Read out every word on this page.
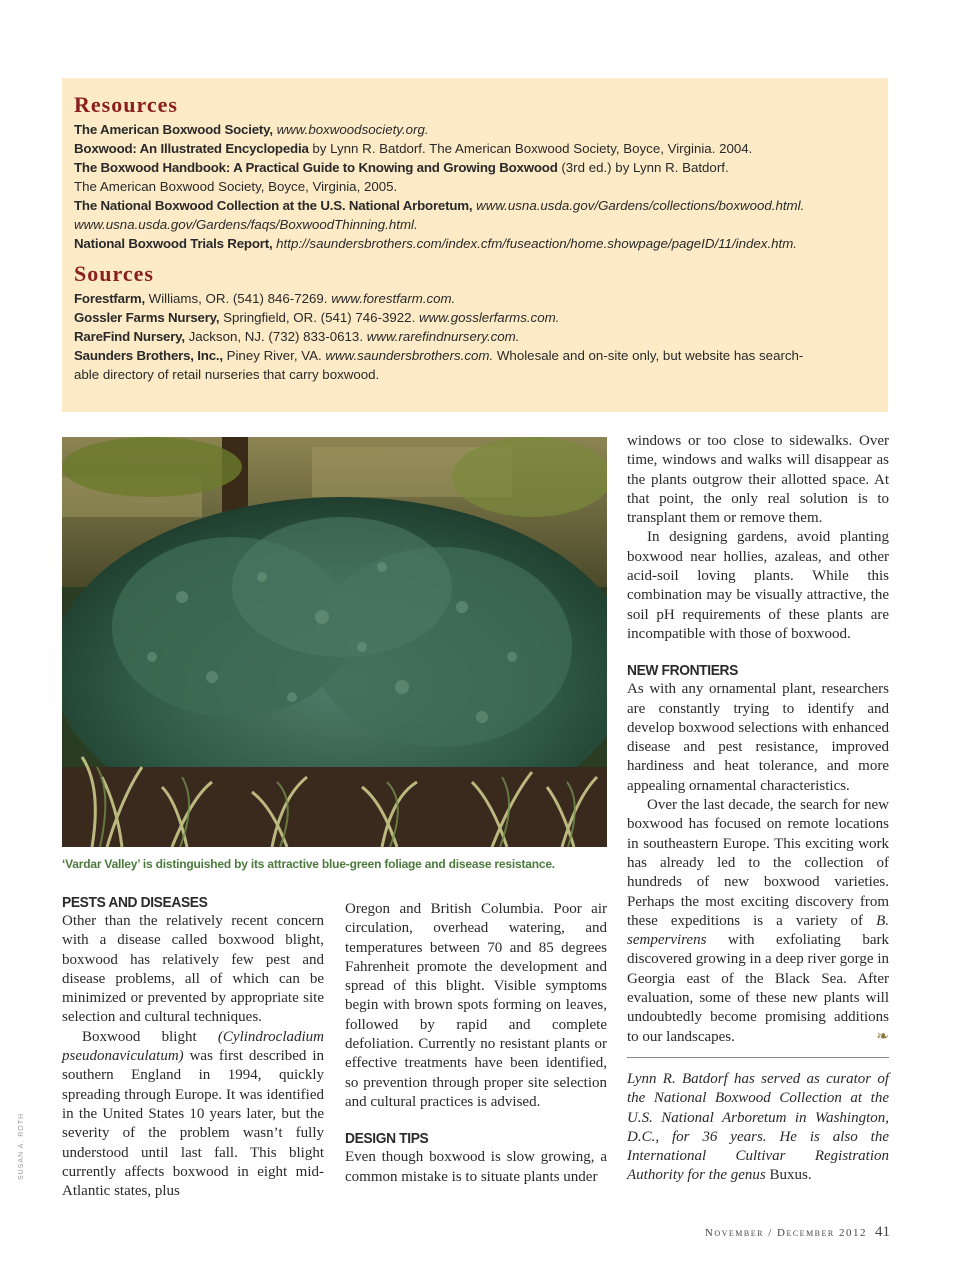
Resources

The American Boxwood Society, www.boxwoodsociety.org.

Boxwood: An Illustrated Encyclopedia by Lynn R. Batdorf. The American Boxwood Society, Boyce, Virginia. 2004.

The Boxwood Handbook: A Practical Guide to Knowing and Growing Boxwood (3rd ed.) by Lynn R. Batdorf.

The American Boxwood Society, Boyce, Virginia, 2005.

The National Boxwood Collection at the U.S. National Arboretum, www.usna.usda.gov/Gardens/collections/boxwood.html.

www.usna.usda.gov/Gardens/faqs/BoxwoodThinning.html.

National Boxwood Trials Report, http://saundersbrothers.com/index.cfm/fuseaction/home.showpage/pageID/11/index.htm.

Sources

Forestfarm, Williams, OR. (541) 846-7269. www.forestfarm.com.

Gossler Farms Nursery, Springfield, OR. (541) 746-3922. www.gosslerfarms.com.

RareFind Nursery, Jackson, NJ. (732) 833-0613. www.rarefindnursery.com.

Saunders Brothers, Inc., Piney River, VA. www.saundersbrothers.com. Wholesale and on-site only, but website has search-

able directory of retail nurseries that carry boxwood.

‘Vardar Valley’ is distinguished by its attractive blue-green foliage and disease resistance.
SUSAN A. ROTH
PESTS AND DISEASES

Other than the relatively recent concern with a disease called boxwood blight, boxwood has relatively few pest and disease problems, all of which can be minimized or prevented by appropriate site selection and cultural techniques.

Boxwood blight (Cylindrocladium pseudonaviculatum) was first described in southern England in 1994, quickly spreading through Europe. It was identified in the United States 10 years later, but the severity of the problem wasn’t fully understood until last fall. This blight currently affects boxwood in eight mid-Atlantic states, plus

Oregon and British Columbia. Poor air circulation, overhead watering, and temperatures between 70 and 85 degrees Fahrenheit promote the development and spread of this blight. Visible symptoms begin with brown spots forming on leaves, followed by rapid and complete defoliation. Currently no resistant plants or effective treatments have been identified, so prevention through proper site selection and cultural practices is advised.

DESIGN TIPS

Even though boxwood is slow growing, a common mistake is to situate plants under

windows or too close to sidewalks. Over time, windows and walks will disappear as the plants outgrow their allotted space. At that point, the only real solution is to transplant them or remove them.

In designing gardens, avoid planting boxwood near hollies, azaleas, and other acid-soil loving plants. While this combination may be visually attractive, the soil pH requirements of these plants are incompatible with those of boxwood.

NEW FRONTIERS

As with any ornamental plant, researchers are constantly trying to identify and develop boxwood selections with enhanced disease and pest resistance, improved hardiness and heat tolerance, and more appealing ornamental characteristics.

Over the last decade, the search for new boxwood has focused on remote locations in southeastern Europe. This exciting work has already led to the collection of hundreds of new boxwood varieties. Perhaps the most exciting discovery from these expeditions is a variety of B. sempervirens with exfoliating bark discovered growing in a deep river gorge in Georgia east of the Black Sea. After evaluation, some of these new plants will undoubtedly become promising additions to our landscapes.	❧

Lynn R. Batdorf has served as curator of the National Boxwood Collection at the U.S. National Arboretum in Washington, D.C., for 36 years. He is also the International Cultivar Registration Authority for the genus Buxus.

November / December 2012 41
